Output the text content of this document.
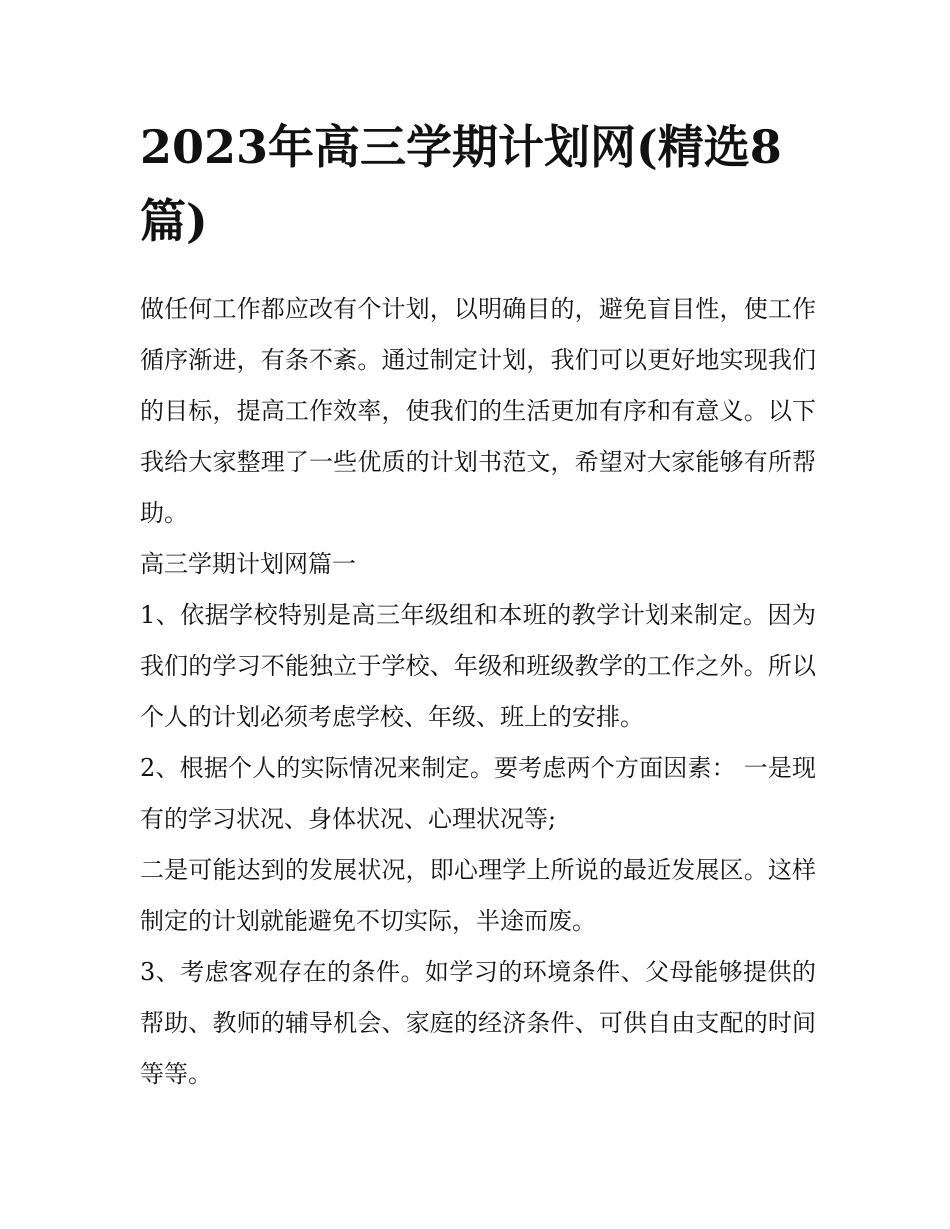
2023年高三学期计划网(精选8篇)

做任何工作都应改有个计划，以明确目的，避免盲目性，使工作循序渐进，有条不紊。通过制定计划，我们可以更好地实现我们的目标，提高工作效率，使我们的生活更加有序和有意义。以下我给大家整理了一些优质的计划书范文，希望对大家能够有所帮助。

高三学期计划网篇一

1、依据学校特别是高三年级组和本班的教学计划来制定。因为我们的学习不能独立于学校、年级和班级教学的工作之外。所以个人的计划必须考虑学校、年级、班上的安排。

2、根据个人的实际情况来制定。要考虑两个方面因素： 一是现有的学习状况、身体状况、心理状况等;

二是可能达到的发展状况，即心理学上所说的最近发展区。这样制定的计划就能避免不切实际，半途而废。

3、考虑客观存在的条件。如学习的环境条件、父母能够提供的帮助、教师的辅导机会、家庭的经济条件、可供自由支配的时间等等。
